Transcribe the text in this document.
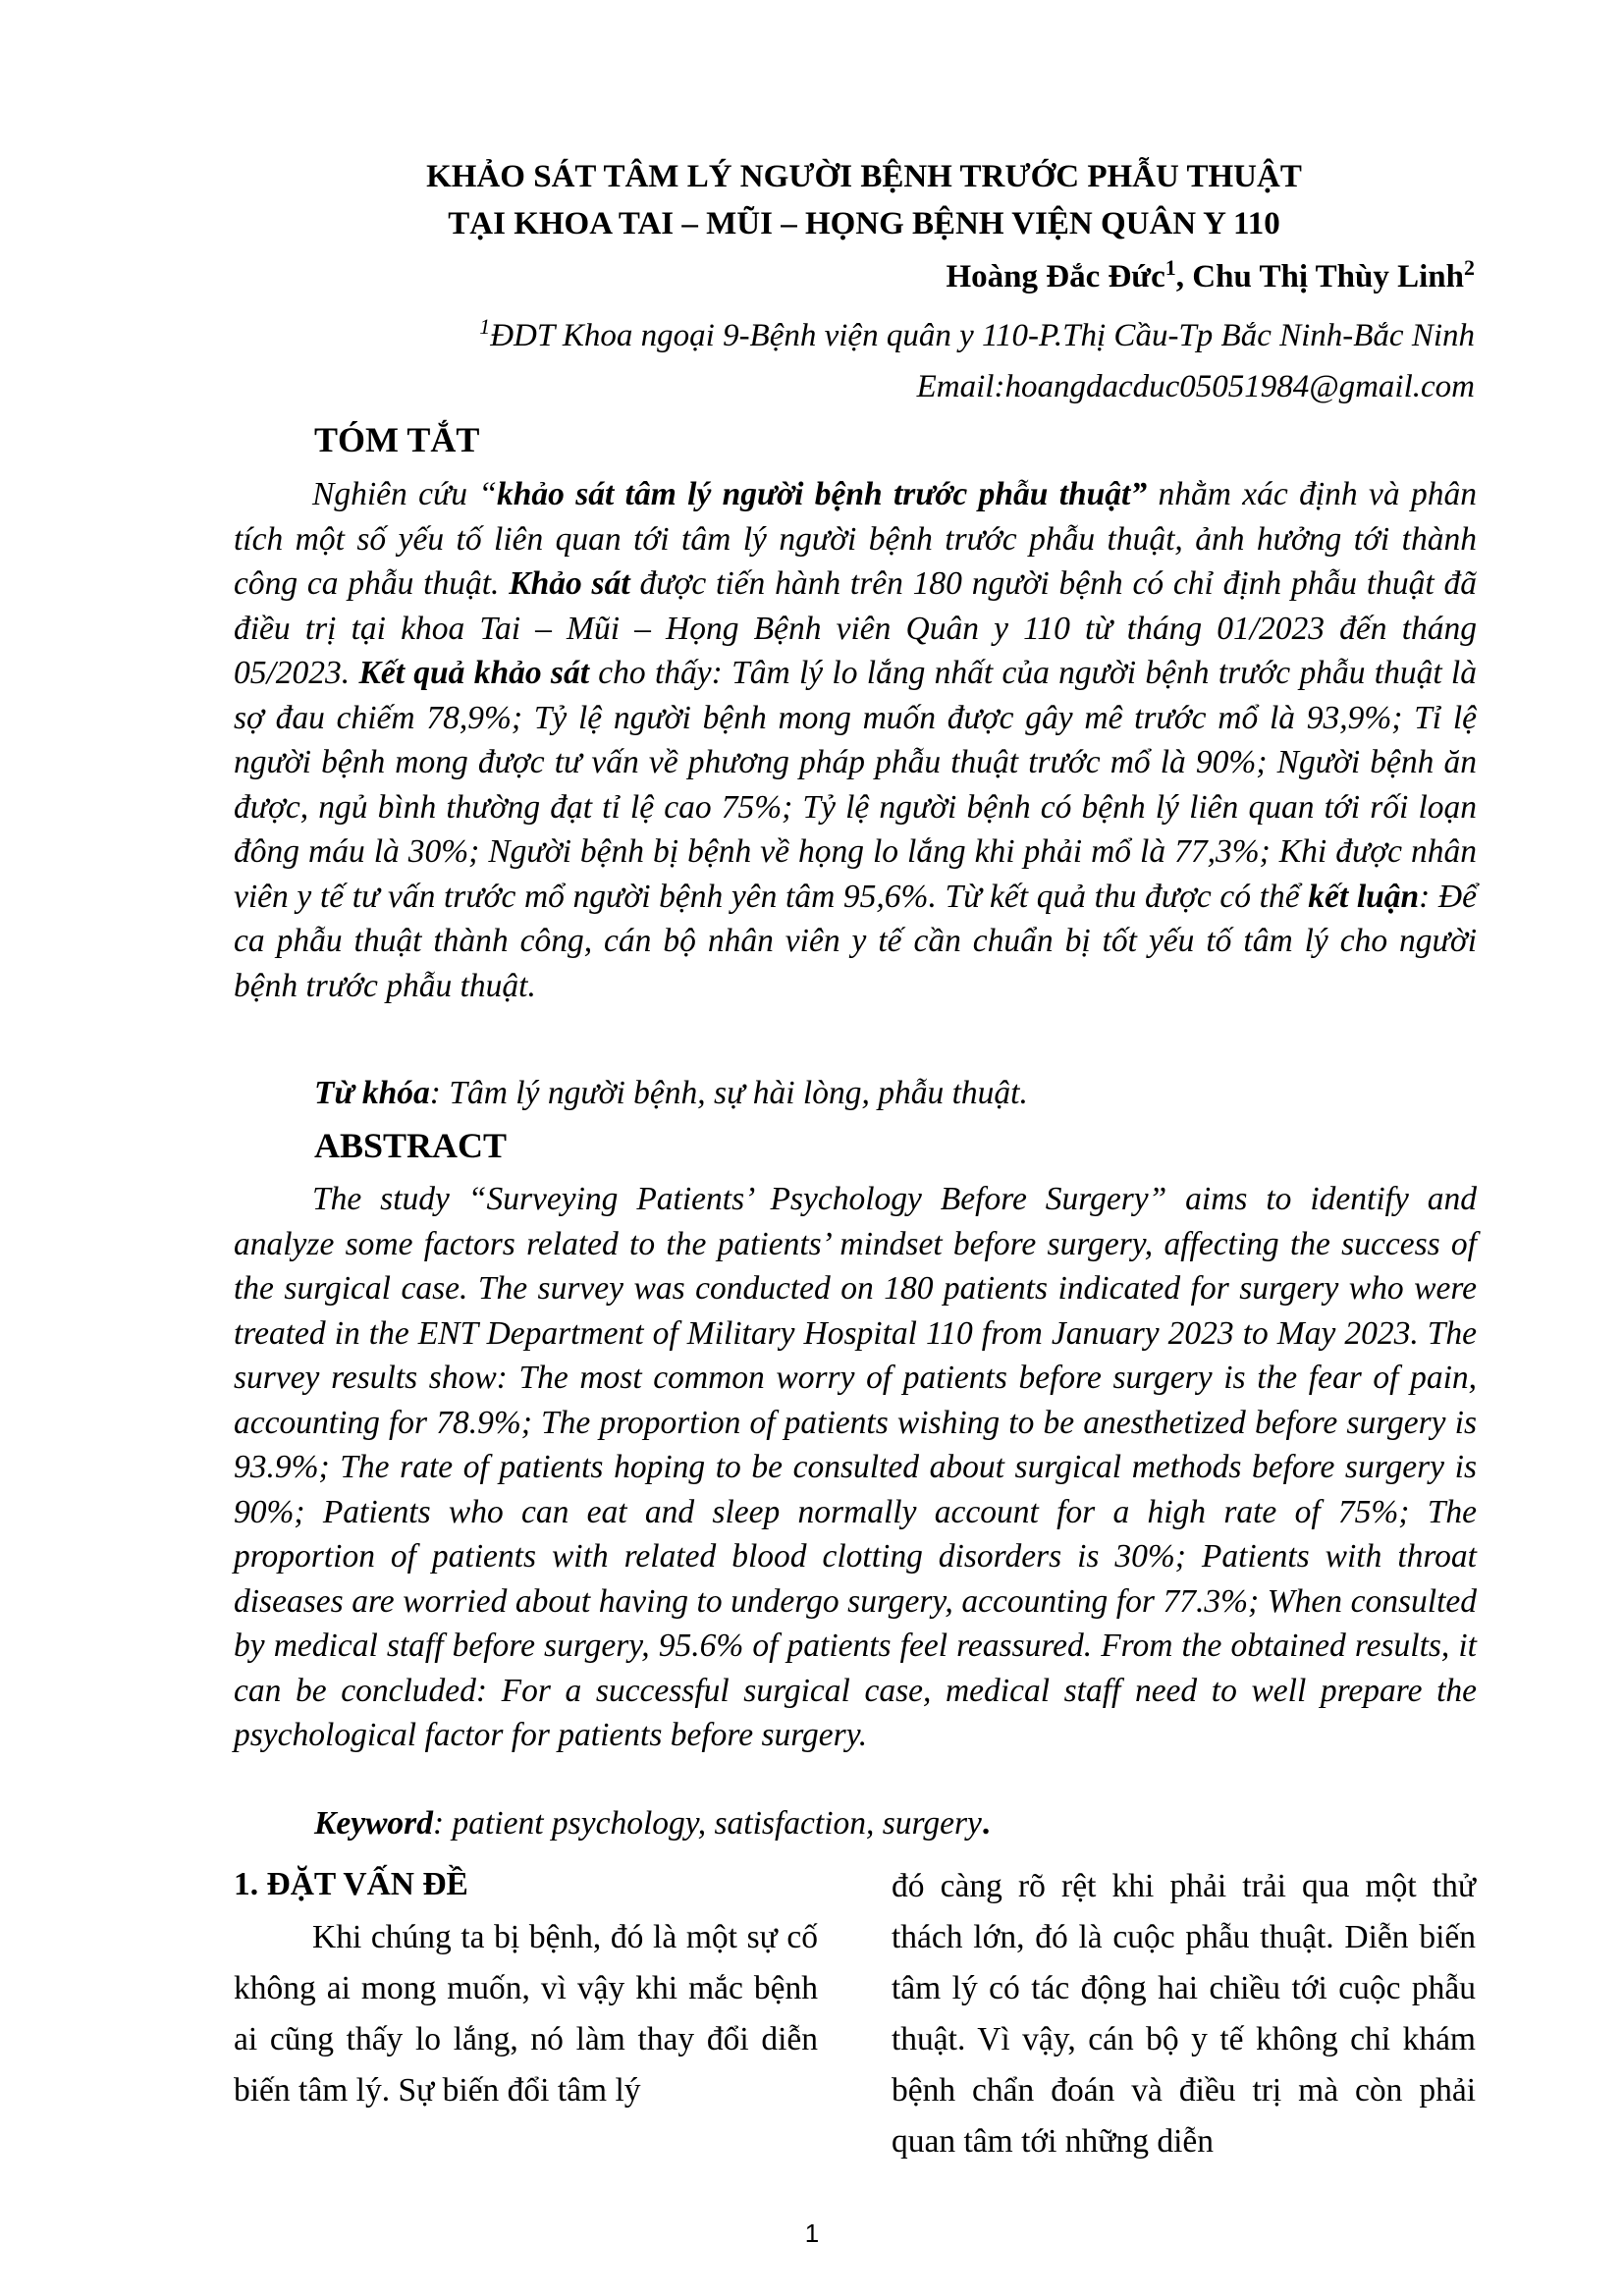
KHẢO SÁT TÂM LÝ NGƯỜI BỆNH TRƯỚC PHẪU THUẬT
TẠI KHOA TAI – MŨI – HỌNG BỆNH VIỆN QUÂN Y 110
Hoàng Đắc Đức$^1$, Chu Thị Thùy Linh$^2$
$^1$ĐDT Khoa ngoại 9-Bệnh viện quân y 110-P.Thị Cầu-Tp Bắc Ninh-Bắc Ninh
Email:hoangdacduc05051984@gmail.com
TÓM TẮT

Nghiên cứu “khảo sát tâm lý người bệnh trước phẫu thuật” nhằm xác định và phân tích một số yếu tố liên quan tới tâm lý người bệnh trước phẫu thuật, ảnh hưởng tới thành công ca phẫu thuật. Khảo sát được tiến hành trên 180 người bệnh có chỉ định phẫu thuật đã điều trị tại khoa Tai – Mũi – Họng Bệnh viên Quân y 110 từ tháng 01/2023 đến tháng 05/2023. Kết quả khảo sát cho thấy: Tâm lý lo lắng nhất của người bệnh trước phẫu thuật là sợ đau chiếm 78,9%; Tỷ lệ người bệnh mong muốn được gây mê trước mổ là 93,9%; Tỉ lệ người bệnh mong được tư vấn về phương pháp phẫu thuật trước mổ là 90%; Người bệnh ăn được, ngủ bình thường đạt tỉ lệ cao 75%; Tỷ lệ người bệnh có bệnh lý liên quan tới rối loạn đông máu là 30%; Người bệnh bị bệnh về họng lo lắng khi phải mổ là 77,3%; Khi được nhân viên y tế tư vấn trước mổ người bệnh yên tâm 95,6%. Từ kết quả thu được có thể kết luận: Để ca phẫu thuật thành công, cán bộ nhân viên y tế cần chuẩn bị tốt yếu tố tâm lý cho người bệnh trước phẫu thuật.

Từ khóa: Tâm lý người bệnh, sự hài lòng, phẫu thuật.
ABSTRACT

The study “Surveying Patients’ Psychology Before Surgery” aims to identify and analyze some factors related to the patients’ mindset before surgery, affecting the success of the surgical case. The survey was conducted on 180 patients indicated for surgery who were treated in the ENT Department of Military Hospital 110 from January 2023 to May 2023. The survey results show: The most common worry of patients before surgery is the fear of pain, accounting for 78.9%; The proportion of patients wishing to be anesthetized before surgery is 93.9%; The rate of patients hoping to be consulted about surgical methods before surgery is 90%; Patients who can eat and sleep normally account for a high rate of 75%; The proportion of patients with related blood clotting disorders is 30%; Patients with throat diseases are worried about having to undergo surgery, accounting for 77.3%; When consulted by medical staff before surgery, 95.6% of patients feel reassured. From the obtained results, it can be concluded: For a successful surgical case, medical staff need to well prepare the psychological factor for patients before surgery.

Keyword: patient psychology, satisfaction, surgery.
1. ĐẶT VẤN ĐỀ

Khi chúng ta bị bệnh, đó là một sự cố không ai mong muốn, vì vậy khi mắc bệnh ai cũng thấy lo lắng, nó làm thay đổi diễn biến tâm lý. Sự biến đổi tâm lý

đó càng rõ rệt khi phải trải qua một thử thách lớn, đó là cuộc phẫu thuật. Diễn biến tâm lý có tác động hai chiều tới cuộc phẫu thuật. Vì vậy, cán bộ y tế không chỉ khám bệnh chẩn đoán và điều trị mà còn phải quan tâm tới những diễn

1
